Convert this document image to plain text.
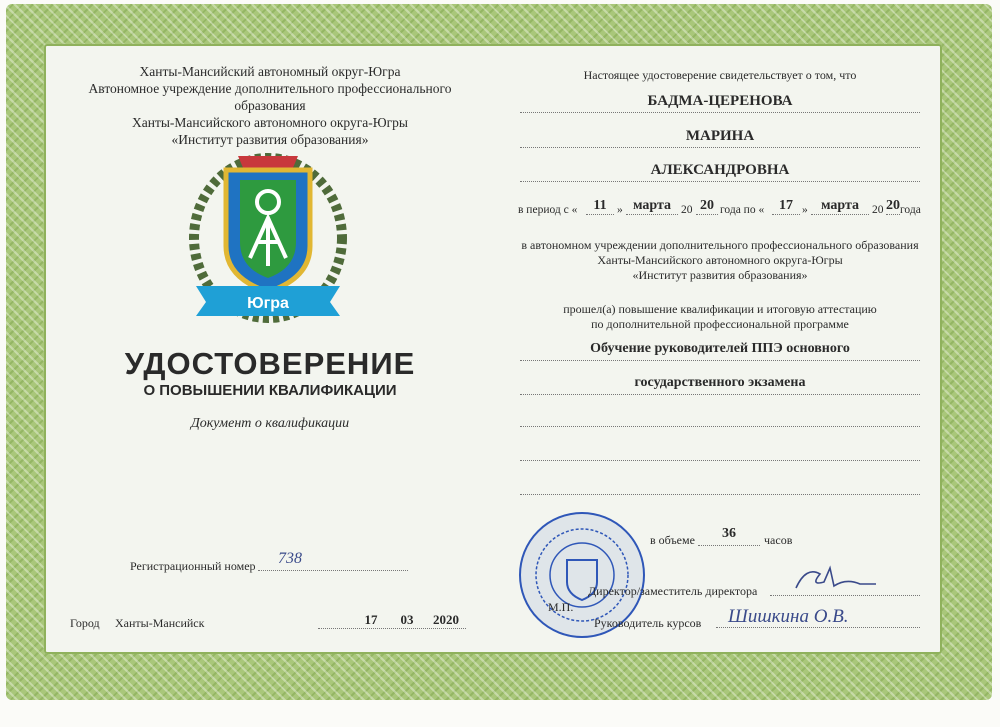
Ханты-Мансийский автономный округ-Югра
Автономное учреждение дополнительного профессионального образования
Ханты-Мансийского автономного округа-Югры
«Институт развития образования»
Югра
УДОСТОВЕРЕНИЕ
О ПОВЫШЕНИИ КВАЛИФИКАЦИИ
Документ о квалификации
Регистрационный номер 738
Город Ханты-Мансийск	17	03	2020
Настоящее удостоверение свидетельствует о том, что
БАДМА-ЦЕРЕНОВА
МАРИНА
АЛЕКСАНДРОВНА
в период с «	11 » марта 20 20 года по «	17 » марта	20 20 года
в автономном учреждении дополнительного профессионального образования
Ханты-Мансийского автономного округа-Югры
«Институт развития образования»
прошел(а) повышение квалификации и итоговую аттестацию
по дополнительной профессиональной программе
Обучение руководителей ППЭ основного
государственного экзамена
в объеме	36	часов
Директор/заместитель директора
М.П.
Руководитель курсов Шишкина О.В.
